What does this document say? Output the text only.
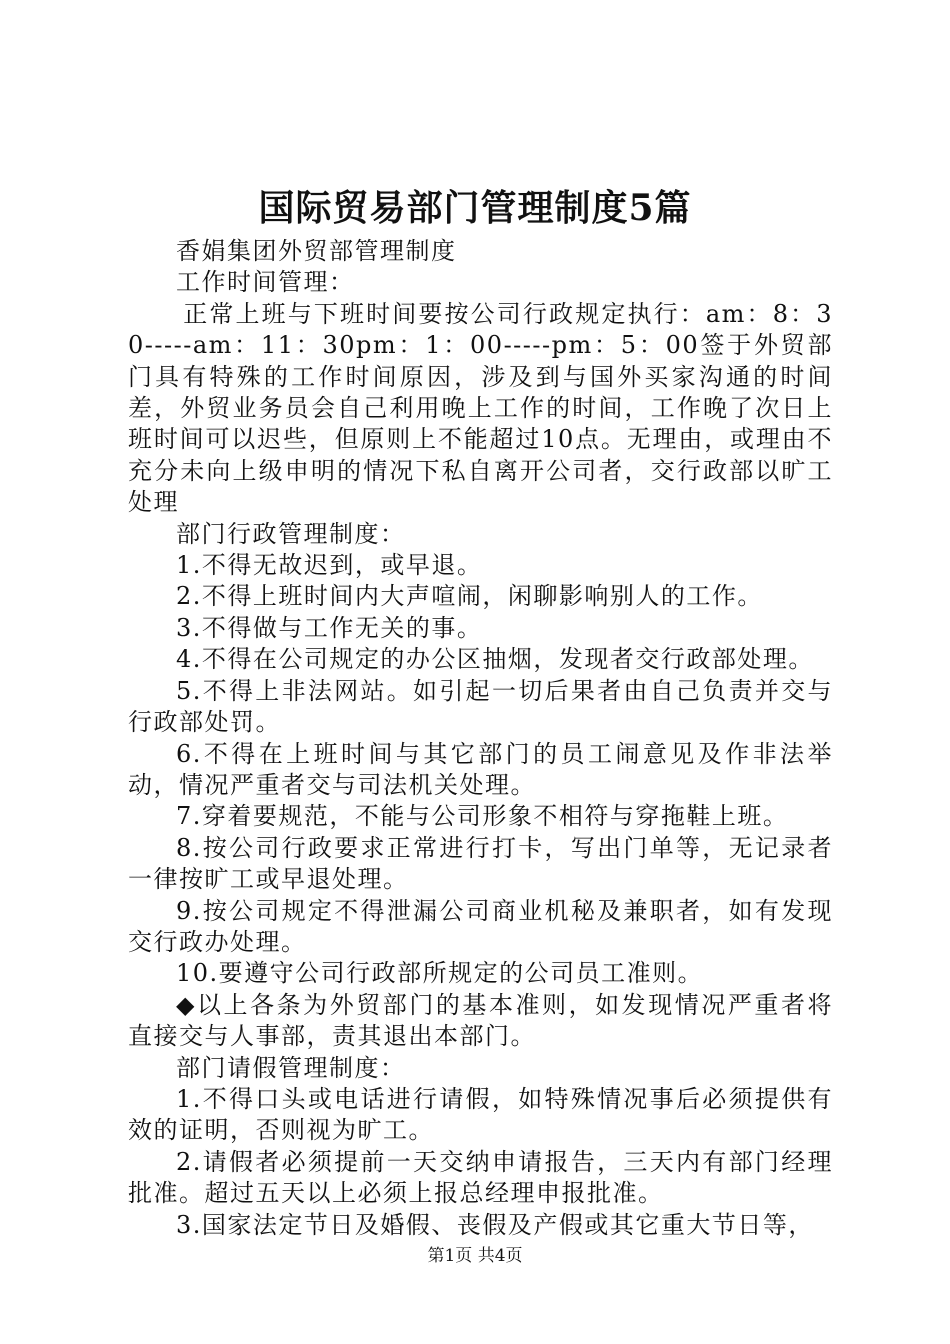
国际贸易部门管理制度5篇

香娟集团外贸部管理制度

工作时间管理：

正常上班与下班时间要按公司行政规定执行：am：8：30-----am：11：30pm：1：00-----pm：5：00签于外贸部门具有特殊的工作时间原因，涉及到与国外买家沟通的时间差，外贸业务员会自己利用晚上工作的时间，工作晚了次日上班时间可以迟些，但原则上不能超过10点。无理由，或理由不充分未向上级申明的情况下私自离开公司者，交行政部以旷工处理

部门行政管理制度：

1.不得无故迟到，或早退。

2.不得上班时间内大声喧闹，闲聊影响别人的工作。

3.不得做与工作无关的事。

4.不得在公司规定的办公区抽烟，发现者交行政部处理。

5.不得上非法网站。如引起一切后果者由自己负责并交与行政部处罚。

6.不得在上班时间与其它部门的员工闹意见及作非法举动，情况严重者交与司法机关处理。

7.穿着要规范，不能与公司形象不相符与穿拖鞋上班。

8.按公司行政要求正常进行打卡，写出门单等，无记录者一律按旷工或早退处理。

9.按公司规定不得泄漏公司商业机秘及兼职者，如有发现交行政办处理。

10.要遵守公司行政部所规定的公司员工准则。

◆以上各条为外贸部门的基本准则，如发现情况严重者将直接交与人事部，责其退出本部门。

部门请假管理制度：

1.不得口头或电话进行请假，如特殊情况事后必须提供有效的证明，否则视为旷工。

2.请假者必须提前一天交纳申请报告，三天内有部门经理批准。超过五天以上必须上报总经理申报批准。

3.国家法定节日及婚假、丧假及产假或其它重大节日等，

第1页 共4页
